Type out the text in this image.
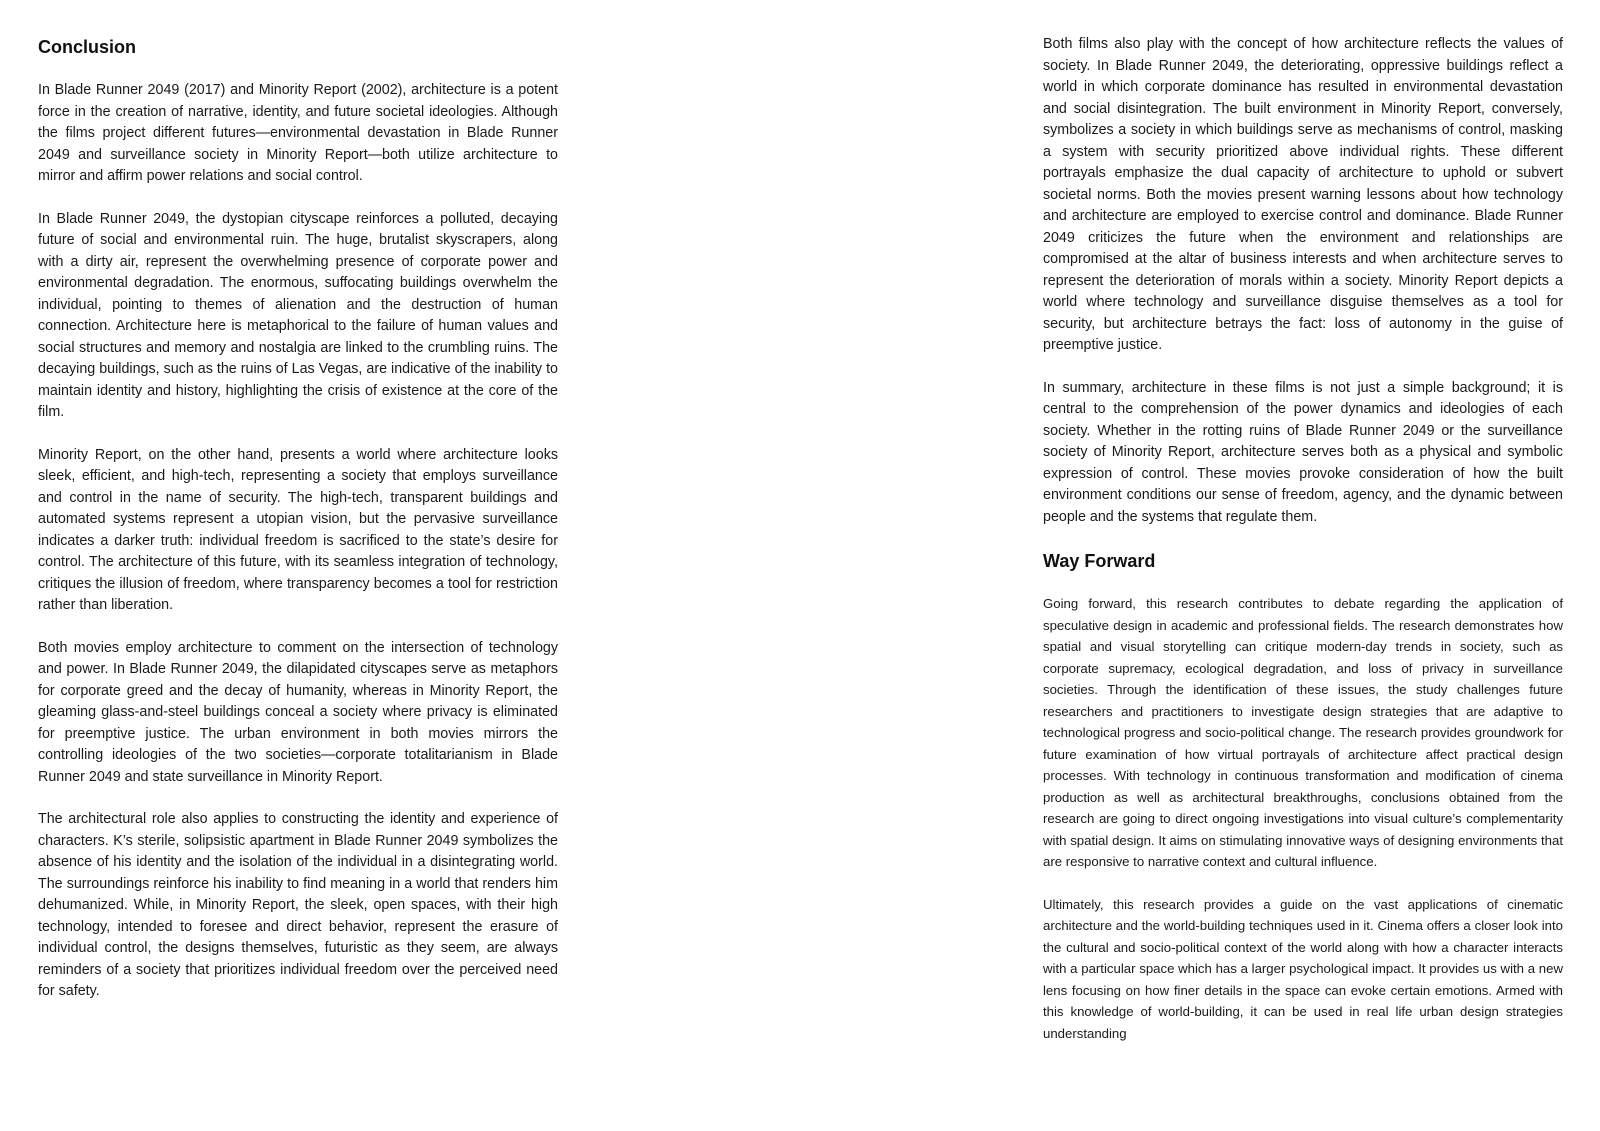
Conclusion

In Blade Runner 2049 (2017) and Minority Report (2002), architecture is a potent force in the creation of narrative, identity, and future societal ideologies. Although the films project different futures—environmental devastation in Blade Runner 2049 and surveillance society in Minority Report—both utilize architecture to mirror and affirm power relations and social control.

In Blade Runner 2049, the dystopian cityscape reinforces a polluted, decaying future of social and environmental ruin. The huge, brutalist skyscrapers, along with a dirty air, represent the overwhelming presence of corporate power and environmental degradation. The enormous, suffocating buildings overwhelm the individual, pointing to themes of alienation and the destruction of human connection. Architecture here is metaphorical to the failure of human values and social structures and memory and nostalgia are linked to the crumbling ruins. The decaying buildings, such as the ruins of Las Vegas, are indicative of the inability to maintain identity and history, highlighting the crisis of existence at the core of the film.

Minority Report, on the other hand, presents a world where architecture looks sleek, efficient, and high-tech, representing a society that employs surveillance and control in the name of security. The high-tech, transparent buildings and automated systems represent a utopian vision, but the pervasive surveillance indicates a darker truth: individual freedom is sacrificed to the state’s desire for control. The architecture of this future, with its seamless integration of technology, critiques the illusion of freedom, where transparency becomes a tool for restriction rather than liberation.

Both movies employ architecture to comment on the intersection of technology and power. In Blade Runner 2049, the dilapidated cityscapes serve as metaphors for corporate greed and the decay of humanity, whereas in Minority Report, the gleaming glass-and-steel buildings conceal a society where privacy is eliminated for preemptive justice. The urban environment in both movies mirrors the controlling ideologies of the two societies—corporate totalitarianism in Blade Runner 2049 and state surveillance in Minority Report.

The architectural role also applies to constructing the identity and experience of characters. K’s sterile, solipsistic apartment in Blade Runner 2049 symbolizes the absence of his identity and the isolation of the individual in a disintegrating world. The surroundings reinforce his inability to find meaning in a world that renders him dehumanized. While, in Minority Report, the sleek, open spaces, with their high technology, intended to foresee and direct behavior, represent the erasure of individual control, the designs themselves, futuristic as they seem, are always reminders of a society that prioritizes individual freedom over the perceived need for safety.

Both films also play with the concept of how architecture reflects the values of society. In Blade Runner 2049, the deteriorating, oppressive buildings reflect a world in which corporate dominance has resulted in environmental devastation and social disintegration. The built environment in Minority Report, conversely, symbolizes a society in which buildings serve as mechanisms of control, masking a system with security prioritized above individual rights. These different portrayals emphasize the dual capacity of architecture to uphold or subvert societal norms. Both the movies present warning lessons about how technology and architecture are employed to exercise control and dominance. Blade Runner 2049 criticizes the future when the environment and relationships are compromised at the altar of business interests and when architecture serves to represent the deterioration of morals within a society. Minority Report depicts a world where technology and surveillance disguise themselves as a tool for security, but architecture betrays the fact: loss of autonomy in the guise of preemptive justice.

In summary, architecture in these films is not just a simple background; it is central to the comprehension of the power dynamics and ideologies of each society. Whether in the rotting ruins of Blade Runner 2049 or the surveillance society of Minority Report, architecture serves both as a physical and symbolic expression of control. These movies provoke consideration of how the built environment conditions our sense of freedom, agency, and the dynamic between people and the systems that regulate them.

Way Forward

Going forward, this research contributes to debate regarding the application of speculative design in academic and professional fields. The research demonstrates how spatial and visual storytelling can critique modern-day trends in society, such as corporate supremacy, ecological degradation, and loss of privacy in surveillance societies. Through the identification of these issues, the study challenges future researchers and practitioners to investigate design strategies that are adaptive to technological progress and socio-political change. The research provides groundwork for future examination of how virtual portrayals of architecture affect practical design processes. With technology in continuous transformation and modification of cinema production as well as architectural breakthroughs, conclusions obtained from the research are going to direct ongoing investigations into visual culture’s complementarity with spatial design. It aims on stimulating innovative ways of designing environments that are responsive to narrative context and cultural influence.

Ultimately, this research provides a guide on the vast applications of cinematic architecture and the world-building techniques used in it. Cinema offers a closer look into the cultural and socio-political context of the world along with how a character interacts with a particular space which has a larger psychological impact. It provides us with a new lens focusing on how finer details in the space can evoke certain emotions. Armed with this knowledge of world-building, it can be used in real life urban design strategies understanding
